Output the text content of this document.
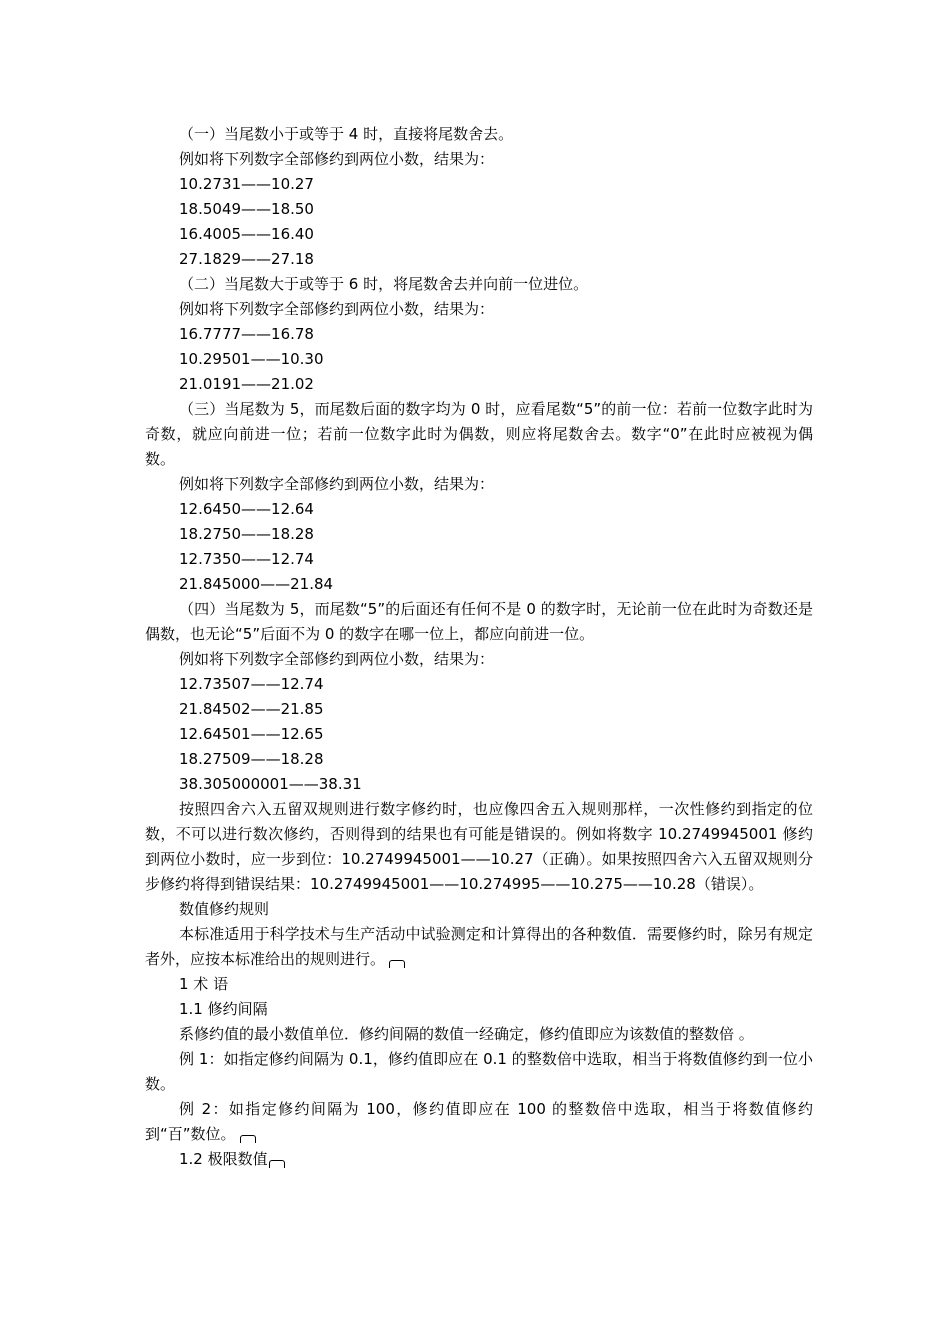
（一）当尾数小于或等于 4 时，直接将尾数舍去。

例如将下列数字全部修约到两位小数，结果为：

10.2731——10.27

18.5049——18.50

16.4005——16.40

27.1829——27.18

（二）当尾数大于或等于 6 时，将尾数舍去并向前一位进位。

例如将下列数字全部修约到两位小数，结果为：

16.7777——16.78

10.29501——10.30

21.0191——21.02

（三）当尾数为 5，而尾数后面的数字均为 0 时，应看尾数“5”的前一位：若前一位数字此时为奇数，就应向前进一位；若前一位数字此时为偶数，则应将尾数舍去。数字“0”在此时应被视为偶数。

例如将下列数字全部修约到两位小数，结果为：

12.6450——12.64

18.2750——18.28

12.7350——12.74

21.845000——21.84

（四）当尾数为 5，而尾数“5”的后面还有任何不是 0 的数字时，无论前一位在此时为奇数还是偶数，也无论“5”后面不为 0 的数字在哪一位上，都应向前进一位。

例如将下列数字全部修约到两位小数，结果为：

12.73507——12.74

21.84502——21.85

12.64501——12.65

18.27509——18.28

38.305000001——38.31

按照四舍六入五留双规则进行数字修约时，也应像四舍五入规则那样，一次性修约到指定的位数，不可以进行数次修约，否则得到的结果也有可能是错误的。例如将数字 10.2749945001 修约到两位小数时，应一步到位：10.2749945001——10.27（正确）。如果按照四舍六入五留双规则分步修约将得到错误结果：10.2749945001——10.274995——10.275——10.28（错误）。

数值修约规则

本标准适用于科学技术与生产活动中试验测定和计算得出的各种数值．需要修约时，除另有规定者外，应按本标准给出的规则进行。

1 术 语

1.1 修约间隔

系修约值的最小数值单位．修约间隔的数值一经确定，修约值即应为该数值的整数倍 。

例 1：如指定修约间隔为 0.1，修约值即应在 0.1 的整数倍中选取，相当于将数值修约到一位小数。

例 2：如指定修约间隔为 100，修约值即应在 100 的整数倍中选取，相当于将数值修约到“百”数位。

1.2 极限数值
